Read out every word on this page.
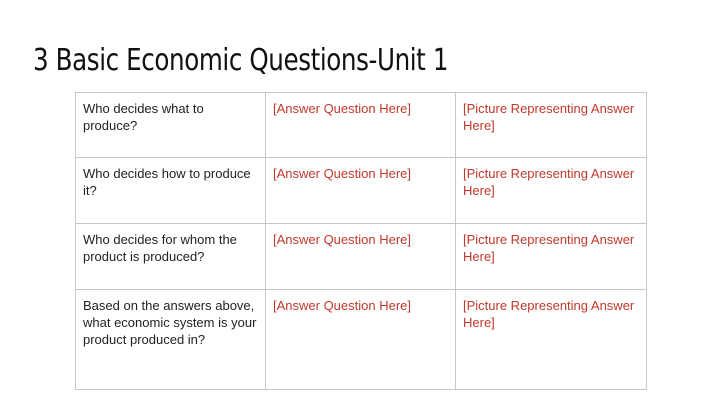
3 Basic Economic Questions-Unit 1
Who decides what to produce?	[Answer Question Here]	[Picture Representing Answer Here]
Who decides how to produce it?	[Answer Question Here]	[Picture Representing Answer Here]
Who decides for whom the product is produced?	[Answer Question Here]	[Picture Representing Answer Here]
Based on the answers above, what economic system is your product produced in?	[Answer Question Here]	[Picture Representing Answer Here]
